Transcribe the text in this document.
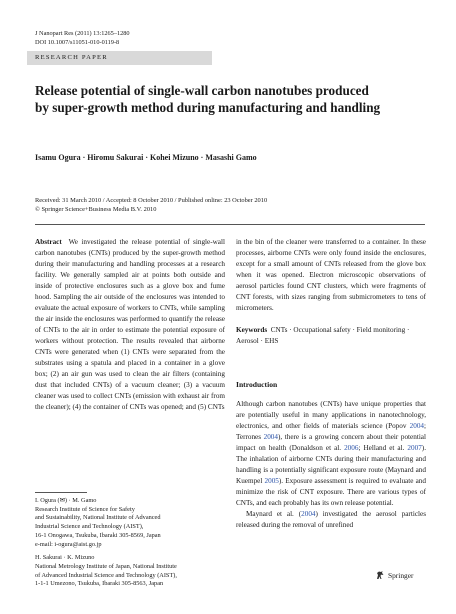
J Nanopart Res (2011) 13:1265–1280
DOI 10.1007/s11051-010-0119-8
RESEARCH PAPER
Release potential of single-wall carbon nanotubes produced by super-growth method during manufacturing and handling
Isamu Ogura · Hiromu Sakurai · Kohei Mizuno · Masashi Gamo
Received: 31 March 2010 / Accepted: 8 October 2010 / Published online: 23 October 2010
© Springer Science+Business Media B.V. 2010

Abstract We investigated the release potential of single-wall carbon nanotubes (CNTs) produced by the super-growth method during their manufacturing and handling processes at a research facility. We generally sampled air at points both outside and inside of protective enclosures such as a glove box and fume hood. Sampling the air outside of the enclosures was intended to evaluate the actual exposure of workers to CNTs, while sampling the air inside the enclosures was performed to quantify the release of CNTs to the air in order to estimate the potential exposure of workers without protection. The results revealed that airborne CNTs were generated when (1) CNTs were separated from the substrates using a spatula and placed in a container in a glove box; (2) an air gun was used to clean the air filters (containing dust that included CNTs) of a vacuum cleaner; (3) a vacuum cleaner was used to collect CNTs (emission with exhaust air from the cleaner); (4) the container of CNTs was opened; and (5) CNTs

in the bin of the cleaner were transferred to a container. In these processes, airborne CNTs were only found inside the enclosures, except for a small amount of CNTs released from the glove box when it was opened. Electron microscopic observations of aerosol particles found CNT clusters, which were fragments of CNT forests, with sizes ranging from submicrometers to tens of micrometers.

Keywords CNTs · Occupational safety · Field monitoring · Aerosol · EHS
Introduction

Although carbon nanotubes (CNTs) have unique properties that are potentially useful in many applications in nanotechnology, electronics, and other fields of materials science (Popov 2004; Terrones 2004), there is a growing concern about their potential impact on health (Donaldson et al. 2006; Helland et al. 2007). The inhalation of airborne CNTs during their manufacturing and handling is a potentially significant exposure route (Maynard and Kuempel 2005). Exposure assessment is required to evaluate and minimize the risk of CNT exposure. There are various types of CNTs, and each probably has its own release potential.

Maynard et al. (2004) investigated the aerosol particles released during the removal of unrefined

I. Ogura (✉) · M. Gamo
Research Institute of Science for Safety
and Sustainability, National Institute of Advanced
Industrial Science and Technology (AIST),
16-1 Onogawa, Tsukuba, Ibaraki 305-8569, Japan
e-mail: i-ogura@aist.go.jp

H. Sakurai · K. Mizuno
National Metrology Institute of Japan, National Institute
of Advanced Industrial Science and Technology (AIST),
1-1-1 Umezono, Tsukuba, Ibaraki 305-8563, Japan

Springer
